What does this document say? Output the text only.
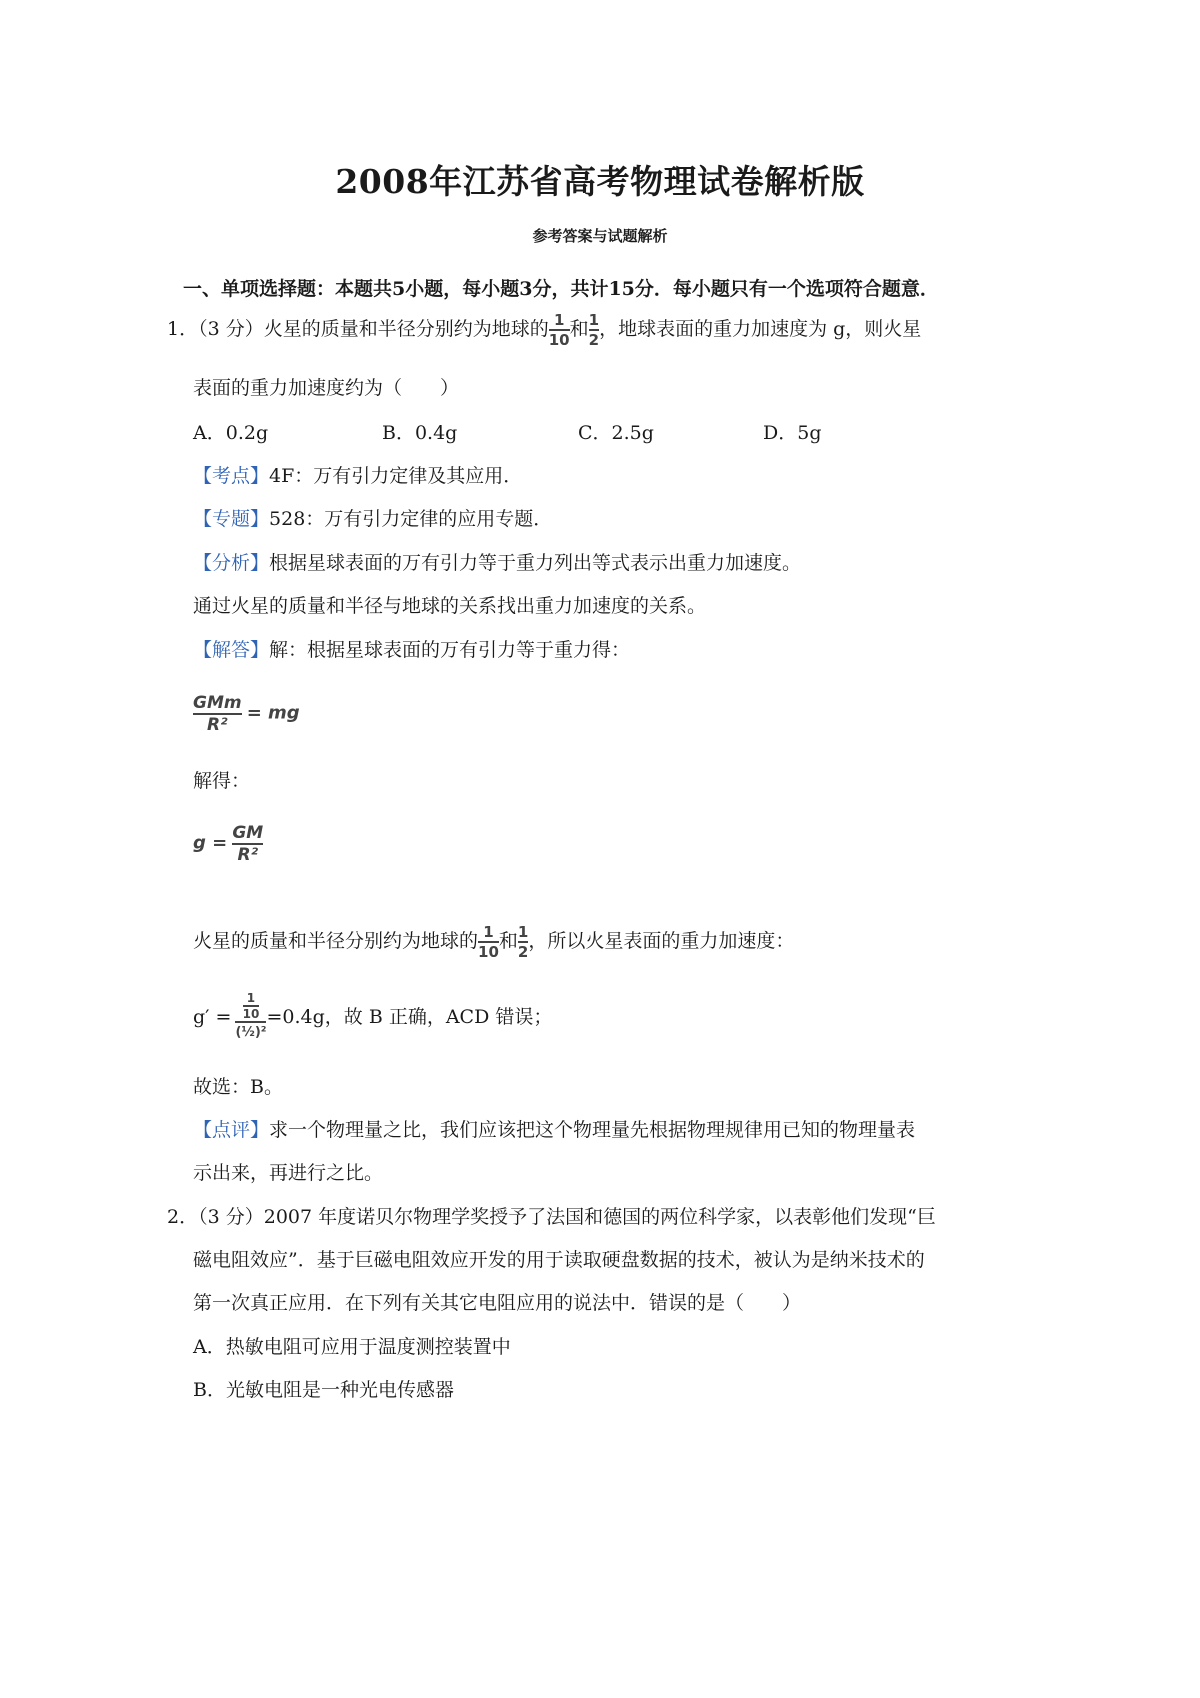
2008年江苏省高考物理试卷解析版
参考答案与试题解析
一、单项选择题：本题共5小题，每小题3分，共计15分．每小题只有一个选项符合题意．
1．（3 分）火星的质量和半径分别约为地球的 $\frac{1}{10}$ 和 $\frac{1}{2}$ ，地球表面的重力加速度为 g，则火星
表面的重力加速度约为（　　）
A．0.2g	B．0.4g	C．2.5g	D．5g
【考点】4F：万有引力定律及其应用．
【专题】528：万有引力定律的应用专题．
【分析】根据星球表面的万有引力等于重力列出等式表示出重力加速度。
通过火星的质量和半径与地球的关系找出重力加速度的关系。
【解答】解：根据星球表面的万有引力等于重力得：
$\frac{\text{GMm}}{\text{R²}}$ = mg
解得：
$g = \frac{GM}{\text{R²}}$
火星的质量和半径分别约为地球的 $\frac{1}{10}$ 和 $\frac{1}{2}$ ，所以火星表面的重力加速度：
$g' = \frac{\frac{1}{10}}{\text{(½)²}} =0.4g$，故 B 正确，ACD 错误；
故选：B。
【点评】求一个物理量之比，我们应该把这个物理量先根据物理规律用已知的物理量表
示出来，再进行之比。
2．（3 分）2007 年度诺贝尔物理学奖授予了法国和德国的两位科学家，以表彰他们发现“巨
磁电阻效应”．基于巨磁电阻效应开发的用于读取硬盘数据的技术，被认为是纳米技术的
第一次真正应用．在下列有关其它电阻应用的说法中．错误的是（　　）
A．热敏电阻可应用于温度测控装置中
B．光敏电阻是一种光电传感器
